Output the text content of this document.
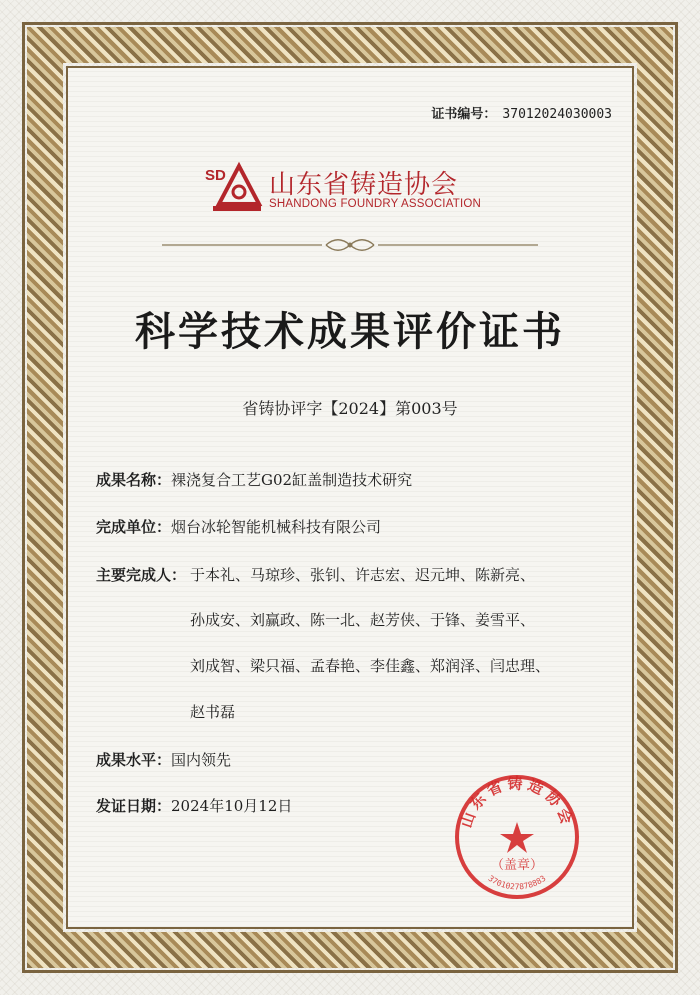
证书编号： 37012024030003
SD 山东省铸造协会
SHANDONG FOUNDRY ASSOCIATION
科学技术成果评价证书
省铸协评字【2024】第003号
成果名称：裸浇复合工艺G02缸盖制造技术研究
完成单位：烟台冰轮智能机械科技有限公司
主要完成人： 于本礼、马琼珍、张钊、许志宏、迟元坤、陈新亮、
孙成安、刘赢政、陈一北、赵芳侠、于锋、姜雪平、
刘成智、梁只福、孟春艳、李佳鑫、郑润泽、闫忠理、
赵书磊
成果水平：国内领先
发证日期：2024年10月12日
山东省铸造协会
（盖章）
3701027878883
